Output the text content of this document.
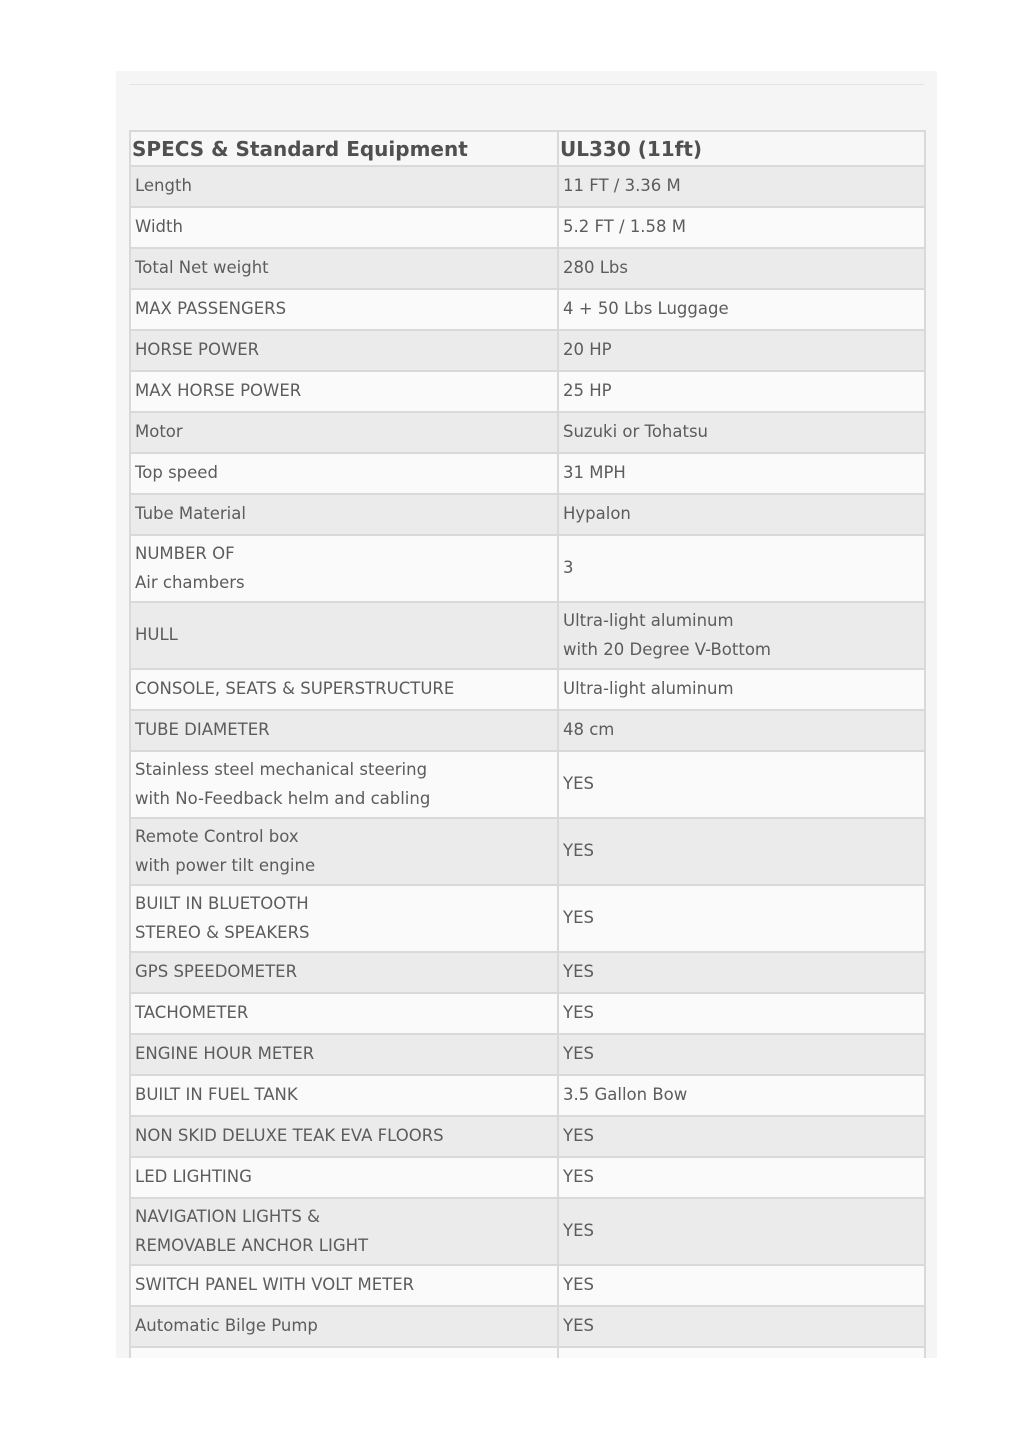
SPECS & Standard Equipment	UL330 (11ft)
Length	11 FT / 3.36 M
Width	5.2 FT / 1.58 M
Total Net weight	280 Lbs
MAX PASSENGERS	4 + 50 Lbs Luggage
HORSE POWER	20 HP
MAX HORSE POWER	25 HP
Motor	Suzuki or Tohatsu
Top speed	31 MPH
Tube Material	Hypalon
NUMBER OF
Air chambers	3
HULL	Ultra-light aluminum
with 20 Degree V-Bottom
CONSOLE, SEATS & SUPERSTRUCTURE	Ultra-light aluminum
TUBE DIAMETER	48 cm
Stainless steel mechanical steering
with No-Feedback helm and cabling	YES
Remote Control box
with power tilt engine	YES
BUILT IN BLUETOOTH
STEREO & SPEAKERS	YES
GPS SPEEDOMETER	YES
TACHOMETER	YES
ENGINE HOUR METER	YES
BUILT IN FUEL TANK	3.5 Gallon Bow
NON SKID DELUXE TEAK EVA FLOORS	YES
LED LIGHTING	YES
NAVIGATION LIGHTS &
REMOVABLE ANCHOR LIGHT	YES
SWITCH PANEL WITH VOLT METER	YES
Automatic Bilge Pump	YES
